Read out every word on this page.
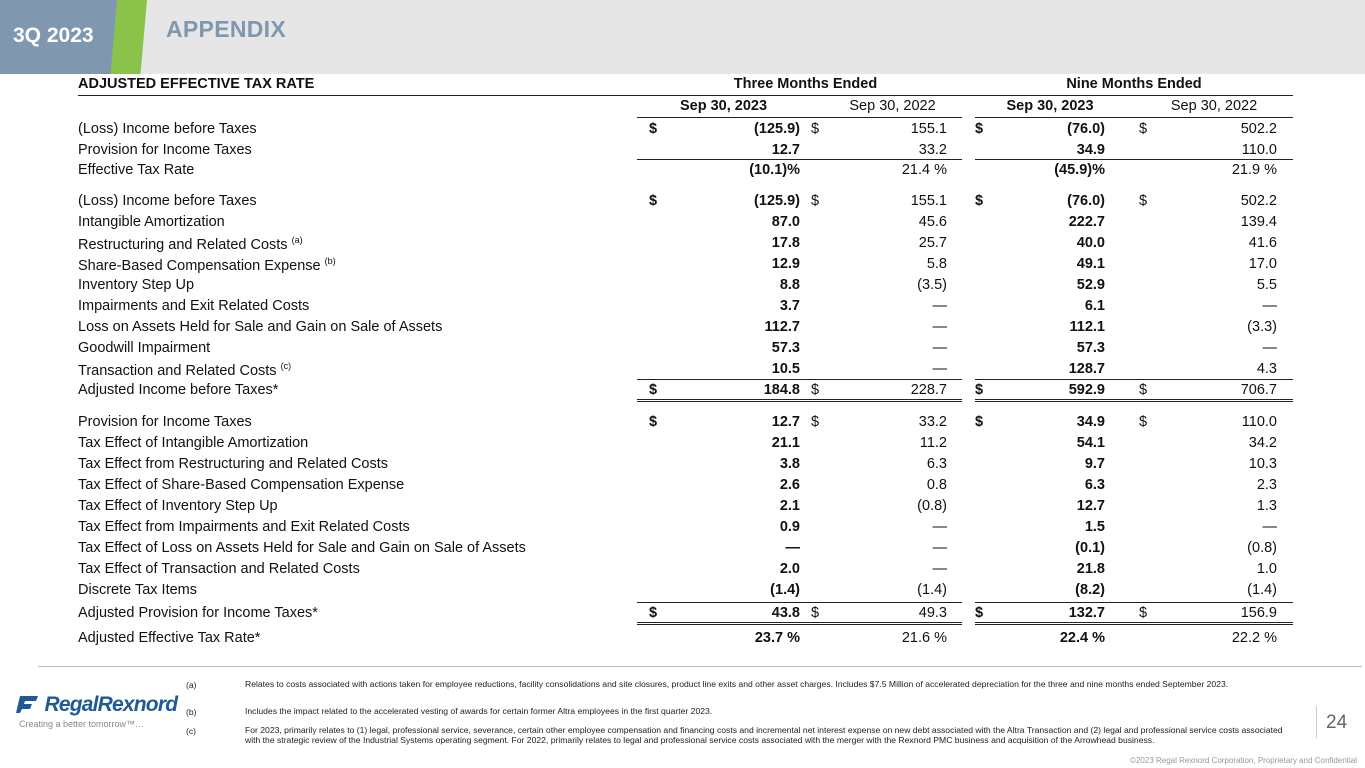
3Q 2023	APPENDIX
ADJUSTED EFFECTIVE TAX RATE	Three Months Ended	Nine Months Ended
Sep 30, 2023	Sep 30, 2022	Sep 30, 2023	Sep 30, 2022
(Loss) Income before Taxes	$	(125.9) $	155.1 $	(76.0) $	502.2
Provision for Income Taxes	12.7	33.2	34.9	110.0
Effective Tax Rate	(10.1)%	21.4 %	(45.9)%	21.9 %
(Loss) Income before Taxes	$	(125.9) $	155.1 $	(76.0) $	502.2
Intangible Amortization	87.0	45.6	222.7	139.4
Restructuring and Related Costs $^{(a)}$	17.8	25.7	40.0	41.6
Share-Based Compensation Expense $^{(b)}$	12.9	5.8	49.1	17.0
Inventory Step Up	8.8	(3.5)	52.9	5.5
Impairments and Exit Related Costs	3.7	—	6.1	—
Loss on Assets Held for Sale and Gain on Sale of Assets	112.7	—	112.1	(3.3)
Goodwill Impairment	57.3	—	57.3	—
Transaction and Related Costs $^{(c)}$	10.5	—	128.7	4.3
Adjusted Income before Taxes*	$	184.8 $	228.7 $	592.9 $	706.7
Provision for Income Taxes	$	12.7 $	33.2 $	34.9 $	110.0
Tax Effect of Intangible Amortization	21.1	11.2	54.1	34.2
Tax Effect from Restructuring and Related Costs	3.8	6.3	9.7	10.3
Tax Effect of Share-Based Compensation Expense	2.6	0.8	6.3	2.3
Tax Effect of Inventory Step Up	2.1	(0.8)	12.7	1.3
Tax Effect from Impairments and Exit Related Costs	0.9	—	1.5	—
Tax Effect of Loss on Assets Held for Sale and Gain on Sale of Assets	—	—	(0.1)	(0.8)
Tax Effect of Transaction and Related Costs	2.0	—	21.8	1.0
Discrete Tax Items	(1.4)	(1.4)	(8.2)	(1.4)
Adjusted Provision for Income Taxes*	$	43.8 $	49.3 $	132.7 $	156.9
Adjusted Effective Tax Rate*	23.7 %	21.6 %	22.4 %	22.2 %
(a)	Relates to costs associated with actions taken for employee reductions, facility consolidations and site closures, product line exits and other asset charges. Includes $7.5 Million of accelerated depreciation for the three and nine months ended September 2023.
(b)	Includes the impact related to the accelerated vesting of awards for certain former Altra employees in the first quarter 2023.
(c)	For 2023, primarily relates to (1) legal, professional service, severance, certain other employee compensation and financing costs and incremental net interest expense on new debt associated with the Altra Transaction and (2) legal and professional service costs associated with the strategic review of the Industrial Systems operating segment. For 2022, primarily relates to legal and professional service costs associated with the merger with the Rexnord PMC business and acquisition of the Arrowhead business.
RegalRexnord
Creating a better tomorrow™…	24
©2023 Regal Rexnord Corporation, Proprietary and Confidential
